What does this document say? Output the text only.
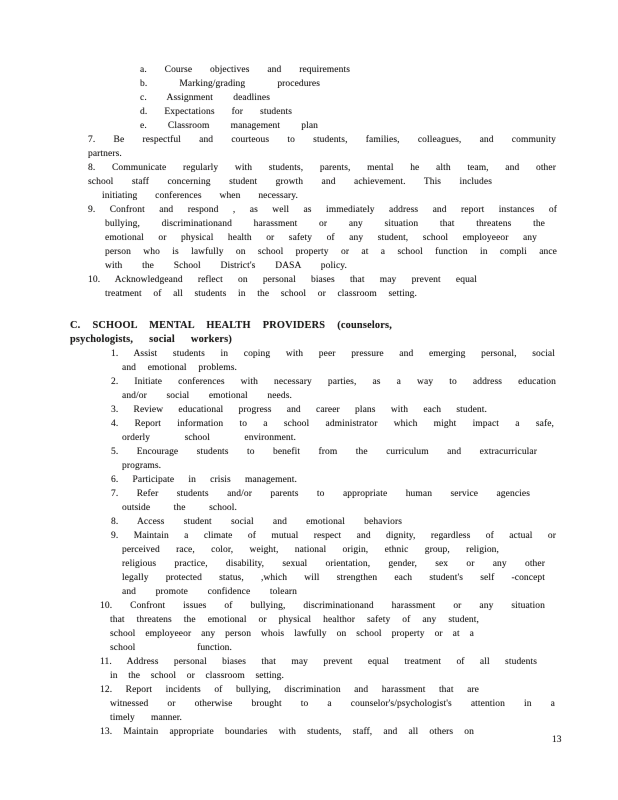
a. Course objectives and requirements
b. Marking/grading procedures
c. Assignment deadlines
d. Expectations for students
e. Classroom management plan
7. Be respectful and courteous to students, families, colleagues, and community
partners.
8. Communicate regularly with students, parents, mental he alth team, and other
school staff concerning student growth and achievement. This includes
initiating conferences when necessary.
9. Confront and respond , as well as immediately address and report instances of
bullying, discriminationand harassment or any situation that threatens the
emotional or physical health or safety of any student, school employeeor any
person who is lawfully on school property or at a school function in compli ance
with the School District's DASA policy.
10. Acknowledgeand reflect on personal biases that may prevent equal
treatment of all students in the school or classroom setting.
C. SCHOOL MENTAL HEALTH PROVIDERS (counselors,
psychologists, social workers)
1. Assist students in coping with peer pressure and emerging personal, social
and emotional problems.
2. Initiate conferences with necessary parties, as a way to address education
and/or social emotional needs.
3. Review educational progress and career plans with each student.
4. Report information to a school administrator which might impact a safe,
orderly school environment.
5. Encourage students to benefit from the curriculum and extracurricular
programs.
6. Participate in crisis management.
7. Refer students and/or parents to appropriate human service agencies
outside the school.
8. Access student social and emotional behaviors
9. Maintain a climate of mutual respect and dignity, regardless of actual or
perceived race, color, weight, national origin, ethnic group, religion,
religious practice, disability, sexual orientation, gender, sex or any other
legally protected status, ,which will strengthen each student's self -concept
and promote confidence tolearn
10. Confront issues of bullying, discriminationand harassment or any situation
that threatens the emotional or physical healthor safety of any student,
school employeeor any person whois lawfully on school property or at a
school function.
11. Address personal biases that may prevent equal treatment of all students
in the school or classroom setting.
12. Report incidents of bullying, discrimination and harassment that are
witnessed or otherwise brought to a counselor's/psychologist's attention in a
timely manner.
13. Maintain appropriate boundaries with students, staff, and all others on
13
